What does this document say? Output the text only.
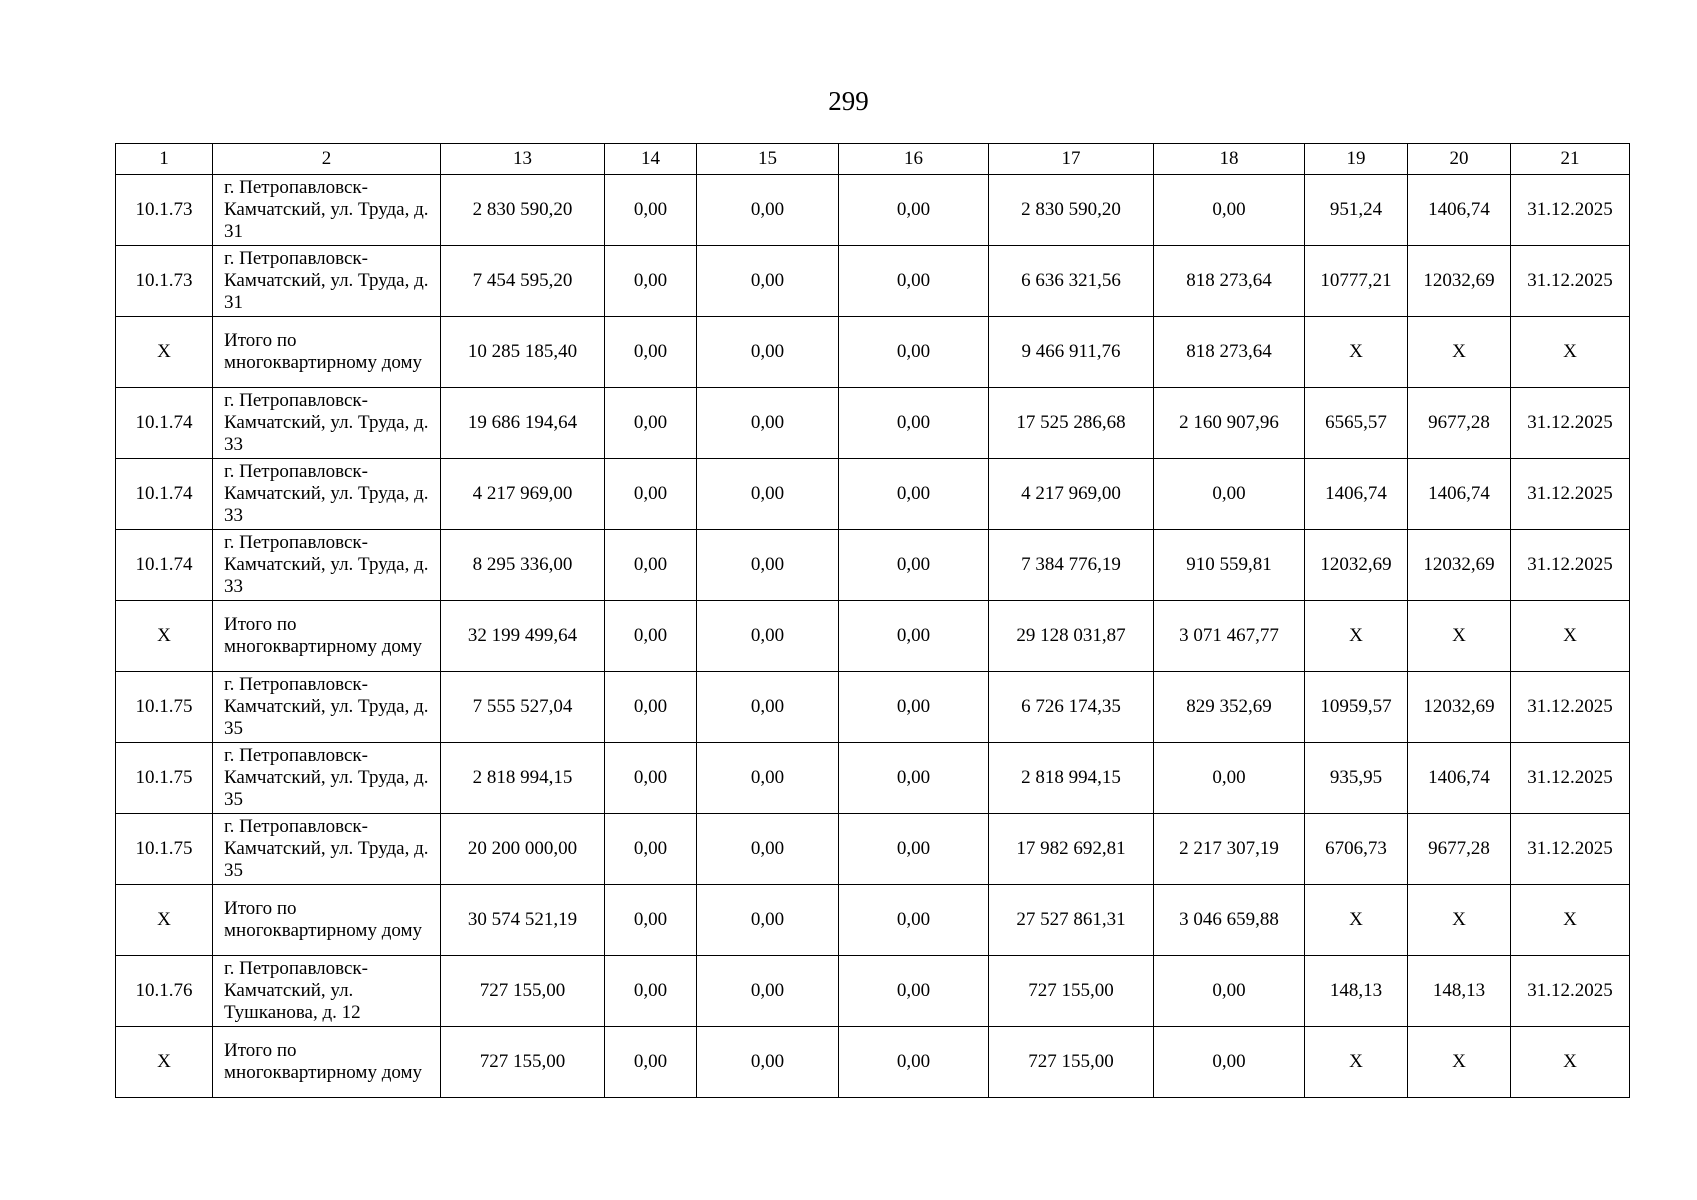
299
1	2	13	14	15	16	17	18	19	20	21
10.1.73	г. Петропавловск-Камчатский, ул. Труда, д. 31	2 830 590,20	0,00	0,00	0,00	2 830 590,20	0,00	951,24	1406,74	31.12.2025
10.1.73	г. Петропавловск-Камчатский, ул. Труда, д. 31	7 454 595,20	0,00	0,00	0,00	6 636 321,56	818 273,64	10777,21	12032,69	31.12.2025
X	Итого по многоквартирному дому	10 285 185,40	0,00	0,00	0,00	9 466 911,76	818 273,64	X	X	X
10.1.74	г. Петропавловск-Камчатский, ул. Труда, д. 33	19 686 194,64	0,00	0,00	0,00	17 525 286,68	2 160 907,96	6565,57	9677,28	31.12.2025
10.1.74	г. Петропавловск-Камчатский, ул. Труда, д. 33	4 217 969,00	0,00	0,00	0,00	4 217 969,00	0,00	1406,74	1406,74	31.12.2025
10.1.74	г. Петропавловск-Камчатский, ул. Труда, д. 33	8 295 336,00	0,00	0,00	0,00	7 384 776,19	910 559,81	12032,69	12032,69	31.12.2025
X	Итого по многоквартирному дому	32 199 499,64	0,00	0,00	0,00	29 128 031,87	3 071 467,77	X	X	X
10.1.75	г. Петропавловск-Камчатский, ул. Труда, д. 35	7 555 527,04	0,00	0,00	0,00	6 726 174,35	829 352,69	10959,57	12032,69	31.12.2025
10.1.75	г. Петропавловск-Камчатский, ул. Труда, д. 35	2 818 994,15	0,00	0,00	0,00	2 818 994,15	0,00	935,95	1406,74	31.12.2025
10.1.75	г. Петропавловск-Камчатский, ул. Труда, д. 35	20 200 000,00	0,00	0,00	0,00	17 982 692,81	2 217 307,19	6706,73	9677,28	31.12.2025
X	Итого по многоквартирному дому	30 574 521,19	0,00	0,00	0,00	27 527 861,31	3 046 659,88	X	X	X
10.1.76	г. Петропавловск-Камчатский, ул. Тушканова, д. 12	727 155,00	0,00	0,00	0,00	727 155,00	0,00	148,13	148,13	31.12.2025
X	Итого по многоквартирному дому	727 155,00	0,00	0,00	0,00	727 155,00	0,00	X	X	X
